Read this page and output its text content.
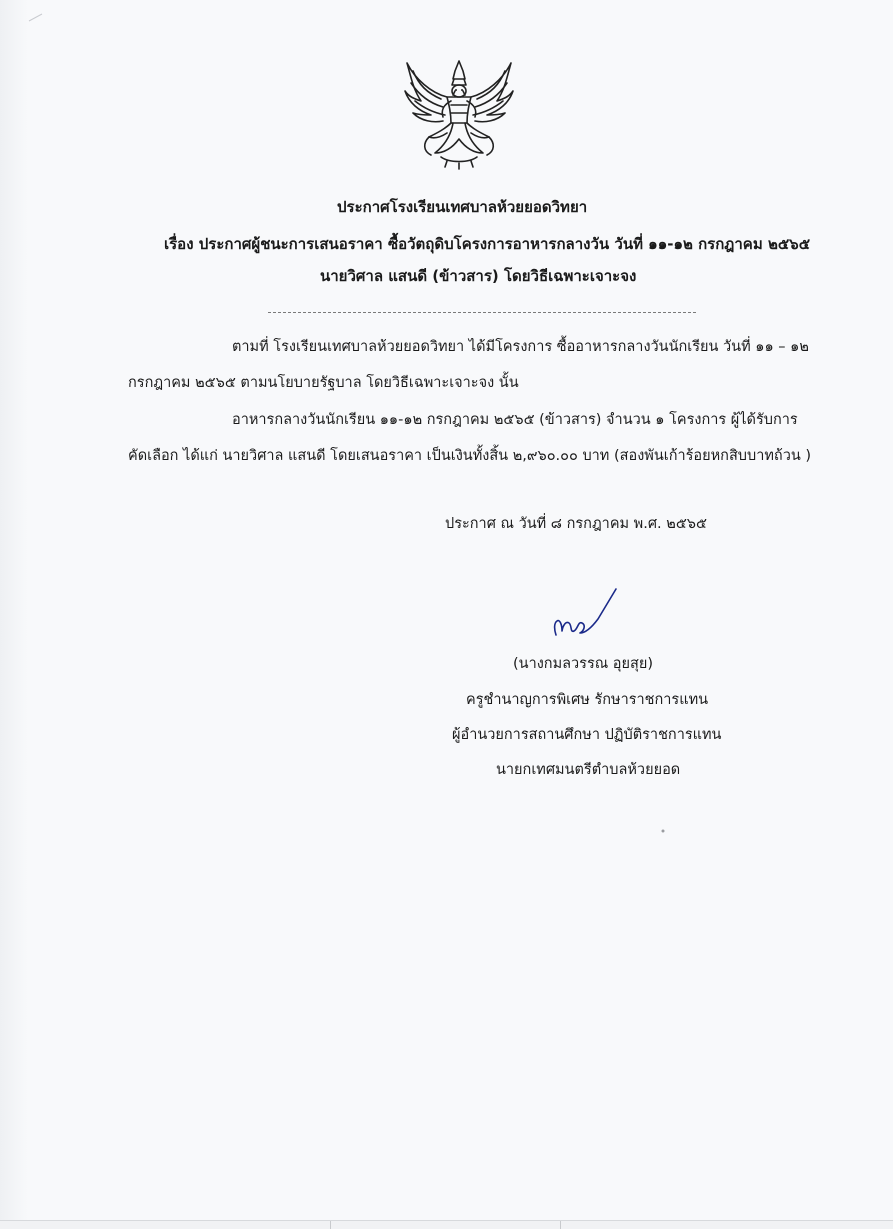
ประกาศโรงเรียนเทศบาลห้วยยอดวิทยา
เรื่อง ประกาศผู้ชนะการเสนอราคา ซื้อวัตถุดิบโครงการอาหารกลางวัน วันที่ ๑๑-๑๒ กรกฎาคม ๒๕๖๕
นายวิศาล แสนดี (ข้าวสาร) โดยวิธีเฉพาะเจาะจง
ตามที่ โรงเรียนเทศบาลห้วยยอดวิทยา ได้มีโครงการ ซื้ออาหารกลางวันนักเรียน วันที่ ๑๑ – ๑๒
กรกฎาคม ๒๕๖๕ ตามนโยบายรัฐบาล โดยวิธีเฉพาะเจาะจง นั้น
อาหารกลางวันนักเรียน ๑๑-๑๒ กรกฎาคม ๒๕๖๕ (ข้าวสาร) จำนวน ๑ โครงการ ผู้ได้รับการ
คัดเลือก ได้แก่ นายวิศาล แสนดี โดยเสนอราคา เป็นเงินทั้งสิ้น ๒,๙๖๐.๐๐ บาท (สองพันเก้าร้อยหกสิบบาทถ้วน )
ประกาศ ณ วันที่ ๘ กรกฎาคม พ.ศ. ๒๕๖๕
(นางกมลวรรณ อุยสุย)
ครูชำนาญการพิเศษ รักษาราชการแทน
ผู้อำนวยการสถานศึกษา ปฏิบัติราชการแทน
นายกเทศมนตรีตำบลห้วยยอด
